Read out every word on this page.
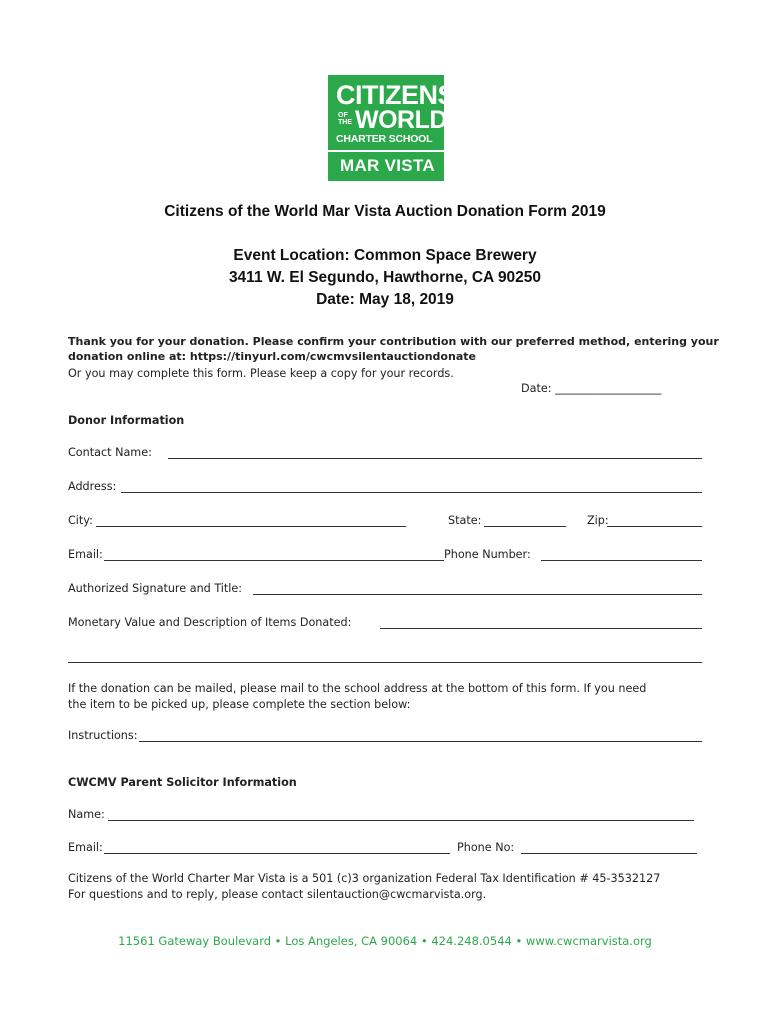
CITIZENS
OF
THE WORLD
CHARTER SCHOOL
MAR VISTA
Citizens of the World Mar Vista Auction Donation Form 2019
Event Location: Common Space Brewery
3411 W. El Segundo, Hawthorne, CA 90250
Date: May 18, 2019
Thank you for your donation. Please confirm your contribution with our preferred method, entering your
donation online at: https://tinyurl.com/cwcmvsilentauctiondonate
Or you may complete this form. Please keep a copy for your records.
Date: ___________________
Donor Information
Contact Name:
Address:
City:	State:	Zip:
Email:	Phone Number:
Authorized Signature and Title:
Monetary Value and Description of Items Donated:
If the donation can be mailed, please mail to the school address at the bottom of this form. If you need
the item to be picked up, please complete the section below:
Instructions:
CWCMV Parent Solicitor Information
Name:
Email:	Phone No:
Citizens of the World Charter Mar Vista is a 501 (c)3 organization Federal Tax Identification # 45-3532127
For questions and to reply, please contact silentauction@cwcmarvista.org.
11561 Gateway Boulevard • Los Angeles, CA 90064 • 424.248.0544 • www.cwcmarvista.org
